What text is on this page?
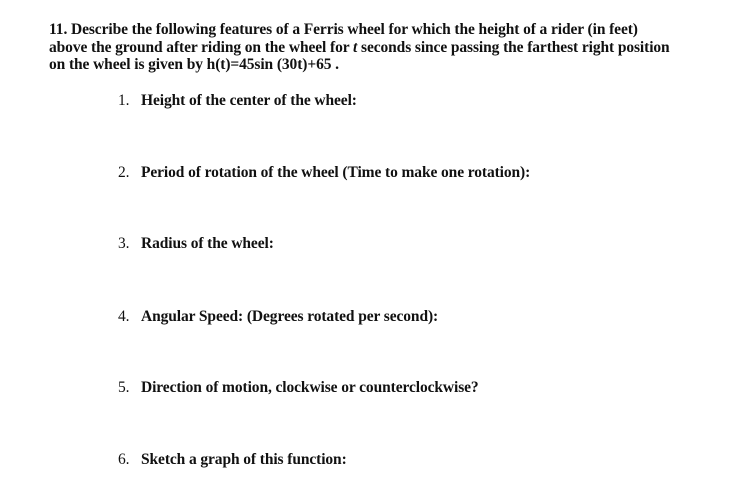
11. Describe the following features of a Ferris wheel for which the height of a rider (in feet)
above the ground after riding on the wheel for t seconds since passing the farthest right position
on the wheel is given by h(t)=45sin (30t)+65 .
1. Height of the center of the wheel:
2. Period of rotation of the wheel (Time to make one rotation):
3. Radius of the wheel:
4. Angular Speed: (Degrees rotated per second):
5. Direction of motion, clockwise or counterclockwise?
6. Sketch a graph of this function:
